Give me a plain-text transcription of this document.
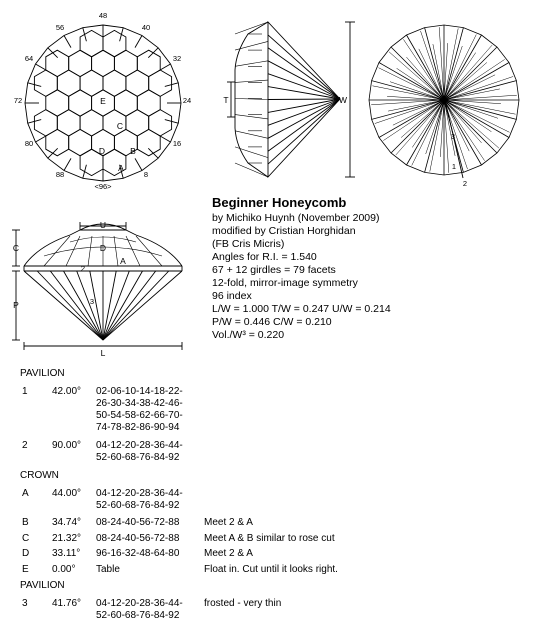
48
40
32
24
16
8
<96>
88
80
72
64
56
E
C
D	B
A
T	W
3
1
2
U
C
P
L
D
A
2
3
Beginner Honeycomb
by Michiko Huynh (November 2009)
modified by Cristian Horghidan
(FB Cris Micris)
Angles for R.I. = 1.540
67 + 12 girdles = 79 facets
12-fold, mirror-image symmetry
96 index
L/W = 1.000 T/W = 0.247 U/W = 0.214
P/W = 0.446 C/W = 0.210
Vol./W³ = 0.220
PAVILION
1 42.00° 02-06-10-14-18-22-
26-30-34-38-42-46-
50-54-58-62-66-70-
74-78-82-86-90-94
2 90.00° 04-12-20-28-36-44-
52-60-68-76-84-92
CROWN
A 44.00° 04-12-20-28-36-44-
52-60-68-76-84-92
B 34.74° 08-24-40-56-72-88 Meet 2 & A
C 21.32° 08-24-40-56-72-88 Meet A & B similar to rose cut
D 33.11° 96-16-32-48-64-80 Meet 2 & A
E 0.00° Table	Float in. Cut until it looks right.
PAVILION
3 41.76° 04-12-20-28-36-44-
52-60-68-76-84-92
frosted - very thin
